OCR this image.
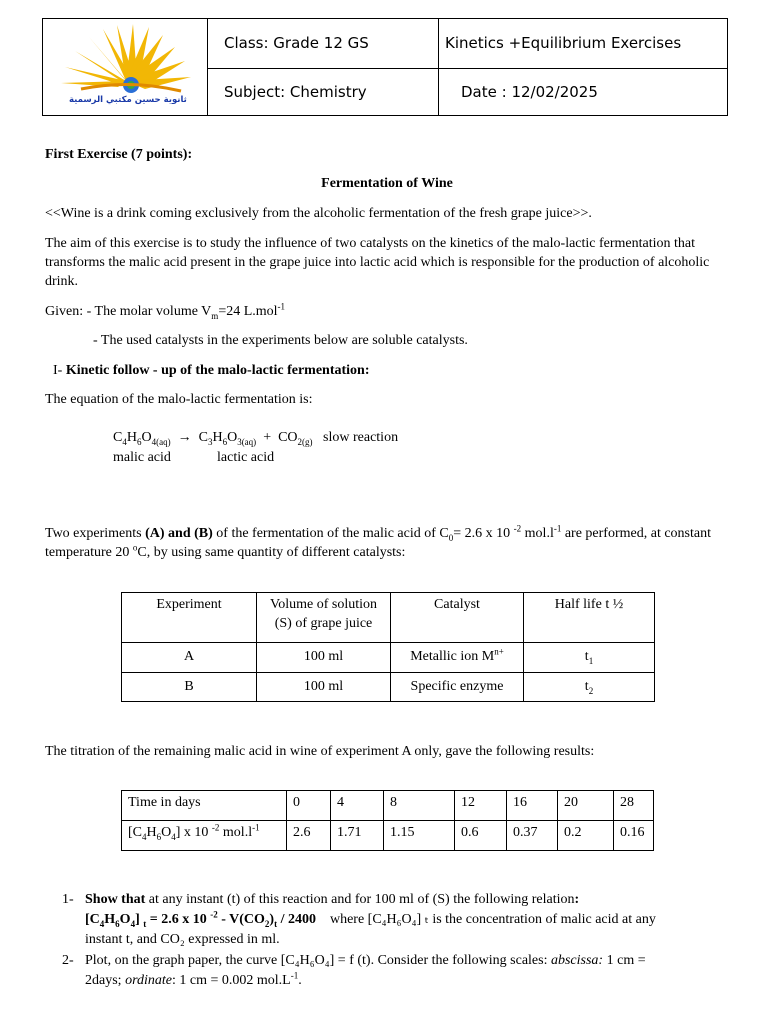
ثانوية حسين مكتبي الرسمية
Class: Grade 12 GS	Kinetics +Equilibrium Exercises
Subject: Chemistry	Date : 12/02/2025

First Exercise (7 points):

Fermentation of Wine

<<Wine is a drink coming exclusively from the alcoholic fermentation of the fresh grape juice>>.

The aim of this exercise is to study the influence of two catalysts on the kinetics of the malo-lactic fermentation that transforms the malic acid present in the grape juice into lactic acid which is responsible for the production of alcoholic drink.

Given: - The molar volume $V_m=24$ L.mol$^{-1}$

- The used catalysts in the experiments below are soluble catalysts.

I- Kinetic follow - up of the malo-lactic fermentation:

The equation of the malo-lactic fermentation is:

$C_4H_6O_{4(aq)} \to C_3H_6O_{3(aq)} + CO_{2(g)}$ slow reaction
malic acid	lactic acid

Two experiments (A) and (B) of the fermentation of the malic acid of $C_0= 2.6$ x 10 $^{-2}$ $mol.l^{-1}$ are performed, at constant temperature 20 $^o$C, by using same quantity of different catalysts:

Experiment	Volume of solution (S) of grape juice	Catalyst	Half life t ½
A	100 ml	Metallic ion $M^{n+}$	$t_1$
B	100 ml	Specific enzyme	$t_2$

The titration of the remaining malic acid in wine of experiment A only, gave the following results:

Time in days	0	4	8	12	16	20	28
$[C_4H_6O_4]$ x 10 $^{-2}$ $mol.l^{-1}$	2.6	1.71	1.15	0.6	0.37	0.2	0.16
1- Show that at any instant (t) of this reaction and for 100 ml of (S) the following relation:
$[C_4H_6O_4] _t = 2.6$ x 10 $^{-2} - V(CO_2)_t / 2400$ where [C₄H₆O₄] ₜ is the concentration of malic acid at any
instant t, and CO₂ expressed in ml.
2- Plot, on the graph paper, the curve [C₄H₆O₄] = f (t). Consider the following scales: abscissa: 1 cm =
2days; ordinate: 1 cm = 0.002 $mol.L^{-1}$.
